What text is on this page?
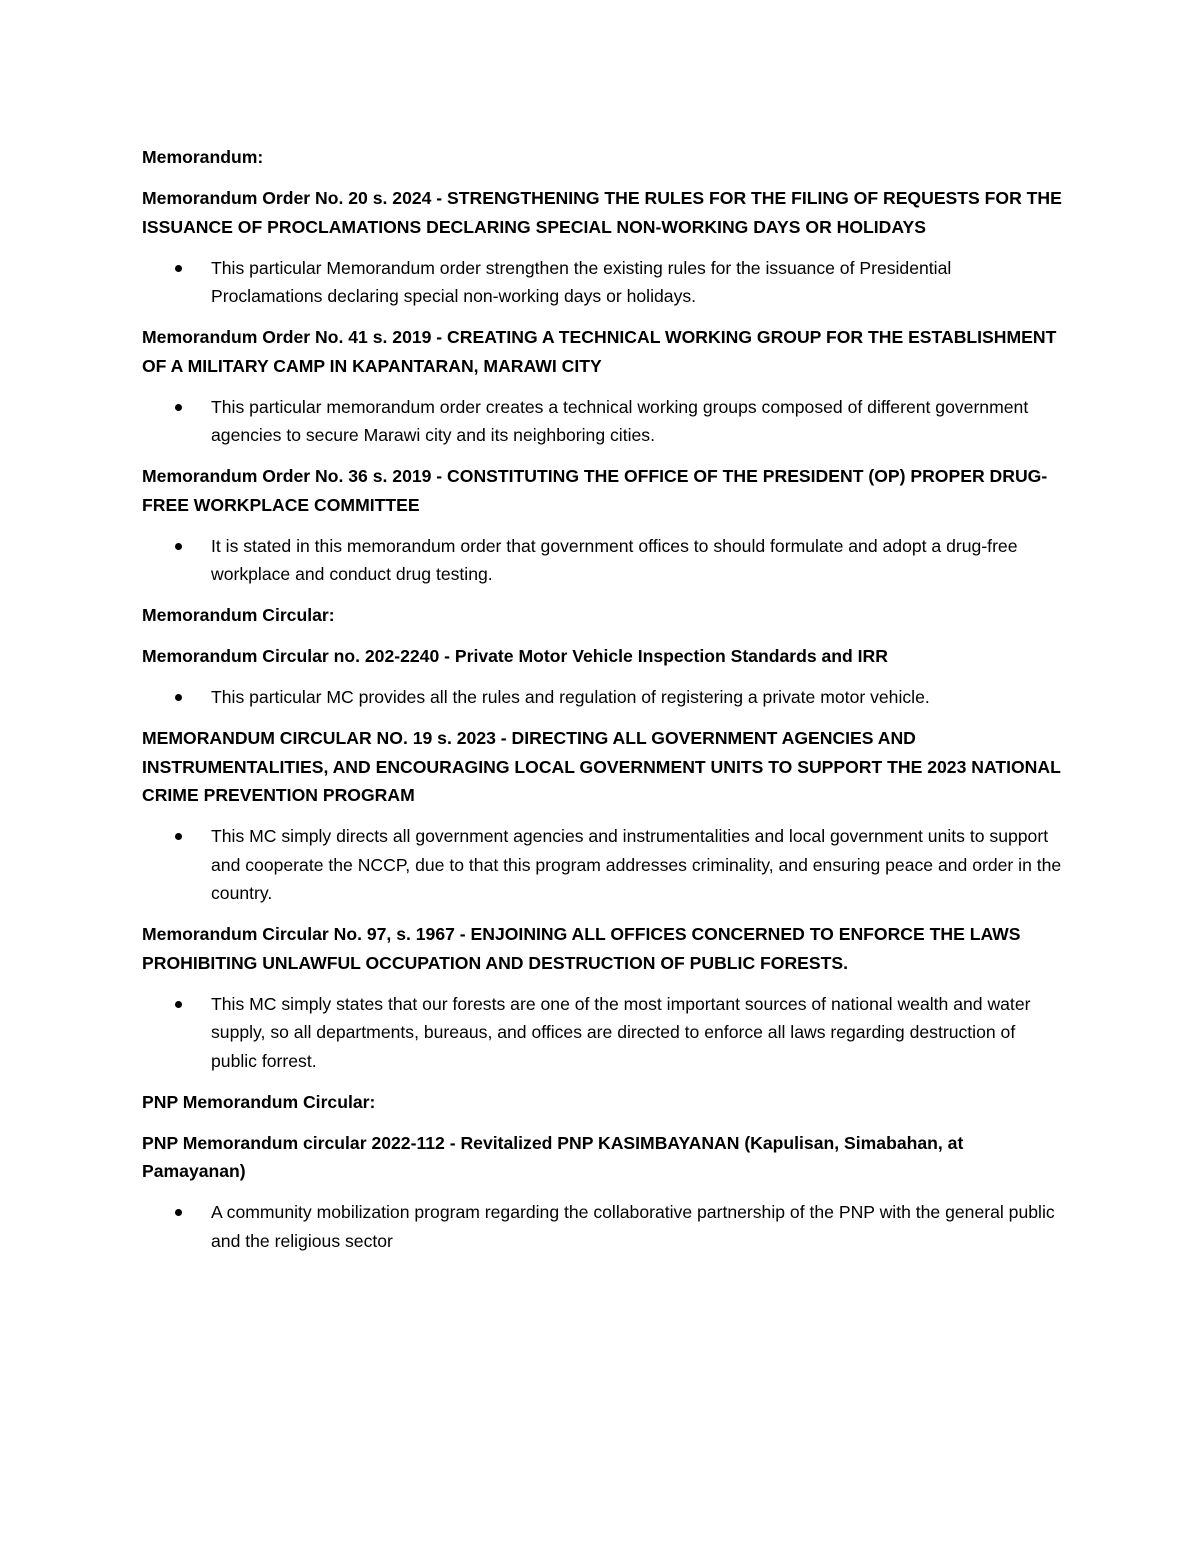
Memorandum:
Memorandum Order No. 20 s. 2024 - STRENGTHENING THE RULES FOR THE FILING OF REQUESTS FOR THE ISSUANCE OF PROCLAMATIONS DECLARING SPECIAL NON-WORKING DAYS OR HOLIDAYS
This particular Memorandum order strengthen the existing rules for the issuance of Presidential Proclamations declaring special non-working days or holidays.
Memorandum Order No. 41 s. 2019 - CREATING A TECHNICAL WORKING GROUP FOR THE ESTABLISHMENT OF A MILITARY CAMP IN KAPANTARAN, MARAWI CITY
This particular memorandum order creates a technical working groups composed of different government agencies to secure Marawi city and its neighboring cities.
Memorandum Order No. 36 s. 2019 - CONSTITUTING THE OFFICE OF THE PRESIDENT (OP) PROPER DRUG-FREE WORKPLACE COMMITTEE
It is stated in this memorandum order that government offices to should formulate and adopt a drug-free workplace and conduct drug testing.
Memorandum Circular:
Memorandum Circular no. 202-2240 - Private Motor Vehicle Inspection Standards and IRR
This particular MC provides all the rules and regulation of registering a private motor vehicle.
MEMORANDUM CIRCULAR NO. 19 s. 2023 - DIRECTING ALL GOVERNMENT AGENCIES AND INSTRUMENTALITIES, AND ENCOURAGING LOCAL GOVERNMENT UNITS TO SUPPORT THE 2023 NATIONAL CRIME PREVENTION PROGRAM
This MC simply directs all government agencies and instrumentalities and local government units to support and cooperate the NCCP, due to that this program addresses criminality, and ensuring peace and order in the country.
Memorandum Circular No. 97, s. 1967 - ENJOINING ALL OFFICES CONCERNED TO ENFORCE THE LAWS PROHIBITING UNLAWFUL OCCUPATION AND DESTRUCTION OF PUBLIC FORESTS.
This MC simply states that our forests are one of the most important sources of national wealth and water supply, so all departments, bureaus, and offices are directed to enforce all laws regarding destruction of public forrest.
PNP Memorandum Circular:
PNP Memorandum circular 2022-112 - Revitalized PNP KASIMBAYANAN (Kapulisan, Simabahan, at Pamayanan)
A community mobilization program regarding the collaborative partnership of the PNP with the general public and the religious sector
